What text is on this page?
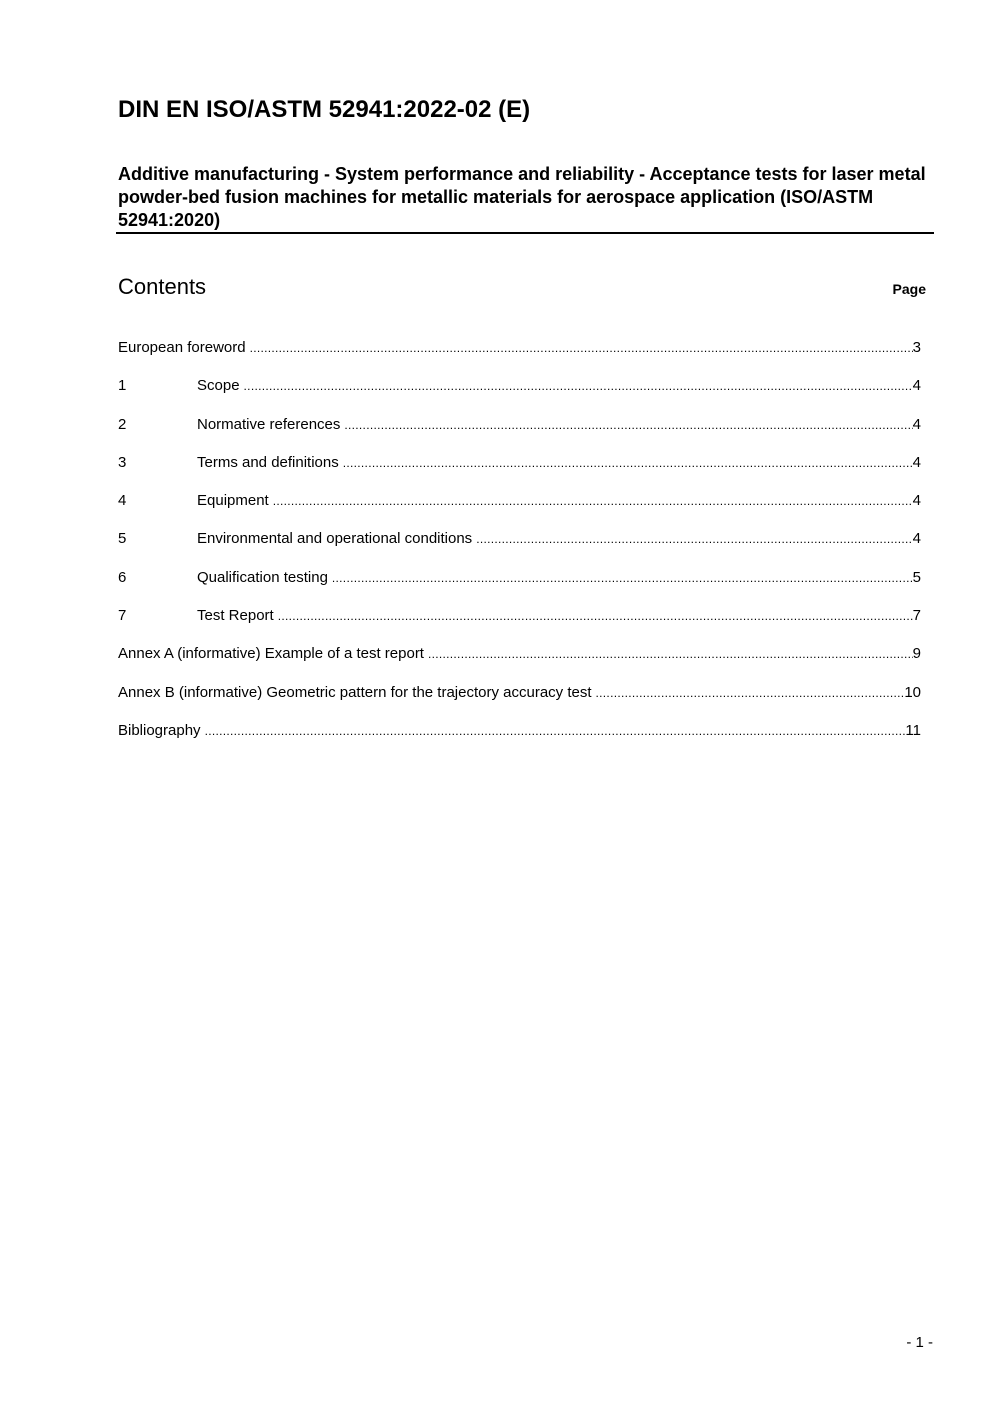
DIN EN ISO/ASTM 52941:2022-02 (E)
Additive manufacturing - System performance and reliability - Acceptance tests for laser metal powder-bed fusion machines for metallic materials for aerospace application (ISO/ASTM 52941:2020)
Contents	Page
European foreword .....	3
1	Scope .....	4
2	Normative references .....	4
3	Terms and definitions .....	4
4	Equipment .....	4
5	Environmental and operational conditions .....	4
6	Qualification testing .....	5
7	Test Report .....	7
Annex A (informative) Example of a test report .....	9
Annex B (informative) Geometric pattern for the trajectory accuracy test .....	10
Bibliography .....	11
- 1 -
